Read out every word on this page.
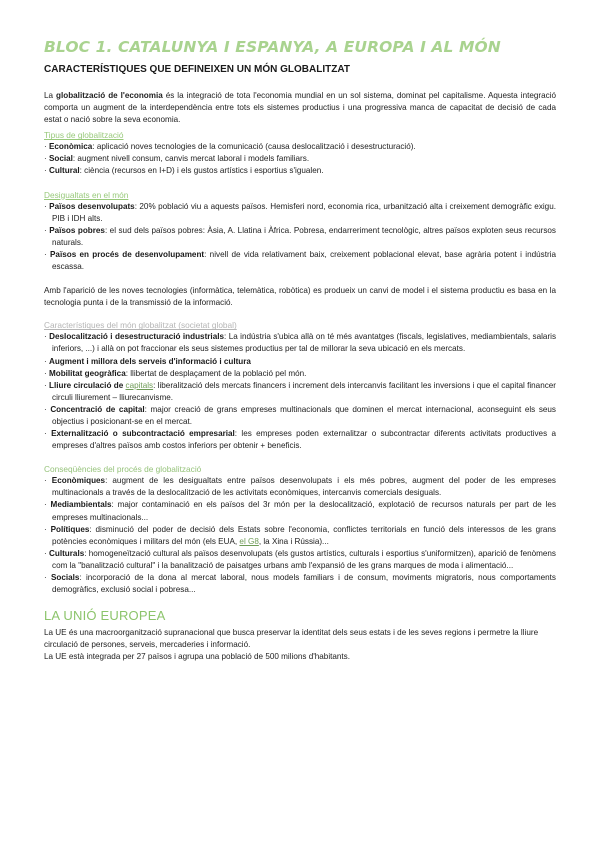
BLOC 1. CATALUNYA I ESPANYA, A EUROPA I AL MÓN
CARACTERÍSTIQUES QUE DEFINEIXEN UN MÓN GLOBALITZAT

La globalització de l'economia és la integració de tota l'economia mundial en un sol sistema, dominat pel capitalisme. Aquesta integració comporta un augment de la interdependència entre tots els sistemes productius i una progressiva manca de capacitat de decisió de cada estat o nació sobre la seva economia.

Tipus de globalització
· Econòmica: aplicació noves tecnologies de la comunicació (causa deslocalització i desestructuració).
· Social: augment nivell consum, canvis mercat laboral i models familiars.
· Cultural: ciència (recursos en I+D) i els gustos artístics i esportius s'igualen.
Desigualtats en el món
· Països desenvolupats: 20% població viu a aquests països. Hemisferi nord, economia rica, urbanització alta i creixement demogràfic exigu. PIB i IDH alts.
· Països pobres: el sud dels països pobres: Àsia, A. Llatina i Àfrica. Pobresa, endarreriment tecnològic, altres països exploten seus recursos naturals.
· Països en procés de desenvolupament: nivell de vida relativament baix, creixement poblacional elevat, base agrària potent i indústria escassa.

Amb l'aparició de les noves tecnologies (informàtica, telemàtica, robòtica) es produeix un canvi de model i el sistema productiu es basa en la tecnologia punta i de la transmissió de la informació.

Característiques del món globalitzat (societat global)
· Deslocalització i desestructuració industrials: La indústria s'ubica allà on té més avantatges (fiscals, legislatives, mediambientals, salaris inferiors, ...) i allà on pot fraccionar els seus sistemes productius per tal de millorar la seva ubicació en els mercats.
· Augment i millora dels serveis d'informació i cultura
· Mobilitat geogràfica: llibertat de desplaçament de la població pel món.
· Lliure circulació de capitals: liberalització dels mercats financers i increment dels intercanvis facilitant les inversions i que el capital financer circuli lliurement – lliurecanvisme.
· Concentració de capital: major creació de grans empreses multinacionals que dominen el mercat internacional, aconseguint els seus objectius i posicionant-se en el mercat.
· Externalització o subcontractació empresarial: les empreses poden externalitzar o subcontractar diferents activitats productives a empreses d'altres països amb costos inferiors per obtenir + beneficis.
Conseqüències del procés de globalització
· Econòmiques: augment de les desigualtats entre països desenvolupats i els més pobres, augment del poder de les empreses multinacionals a través de la deslocalització de les activitats econòmiques, intercanvis comercials desiguals.
· Mediambientals: major contaminació en els països del 3r món per la deslocalització, explotació de recursos naturals per part de les empreses multinacionals...
· Polítiques: disminució del poder de decisió dels Estats sobre l'economia, conflictes territorials en funció dels interessos de les grans potències econòmiques i militars del món (els EUA, el G8, la Xina i Rússia)...
· Culturals: homogeneïtzació cultural als països desenvolupats (els gustos artístics, culturals i esportius s'uniformitzen), aparició de fenòmens com la "banalització cultural" i la banalització de paisatges urbans amb l'expansió de les grans marques de moda i alimentació...
· Socials: incorporació de la dona al mercat laboral, nous models familiars i de consum, moviments migratoris, nous comportaments demogràfics, exclusió social i pobresa...
LA UNIÓ EUROPEA

La UE és una macroorganització supranacional que busca preservar la identitat dels seus estats i de les seves regions i permetre la lliure circulació de persones, serveis, mercaderies i informació.

La UE està integrada per 27 països i agrupa una població de 500 milions d'habitants.
